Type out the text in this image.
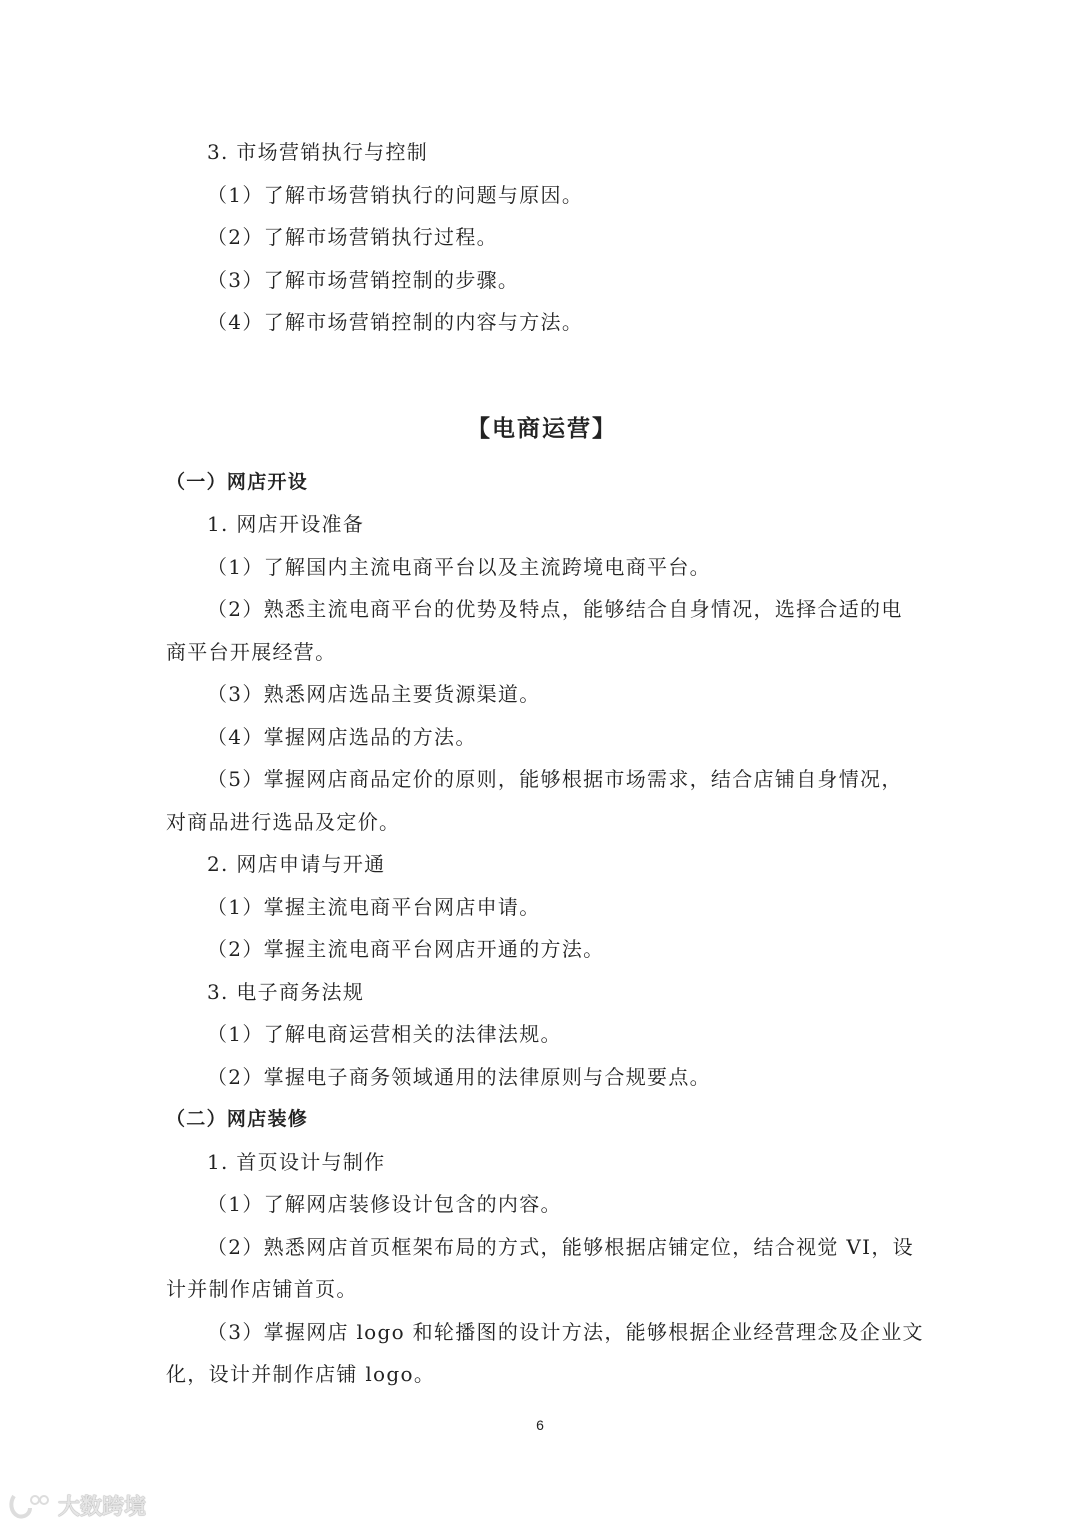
3. 市场营销执行与控制
（1）了解市场营销执行的问题与原因。
（2）了解市场营销执行过程。
（3）了解市场营销控制的步骤。
（4）了解市场营销控制的内容与方法。
【电商运营】
（一）网店开设
1. 网店开设准备
（1）了解国内主流电商平台以及主流跨境电商平台。
（2）熟悉主流电商平台的优势及特点，能够结合自身情况，选择合适的电
商平台开展经营。
（3）熟悉网店选品主要货源渠道。
（4）掌握网店选品的方法。
（5）掌握网店商品定价的原则，能够根据市场需求，结合店铺自身情况，
对商品进行选品及定价。
2. 网店申请与开通
（1）掌握主流电商平台网店申请。
（2）掌握主流电商平台网店开通的方法。
3. 电子商务法规
（1）了解电商运营相关的法律法规。
（2）掌握电子商务领域通用的法律原则与合规要点。
（二）网店装修
1. 首页设计与制作
（1）了解网店装修设计包含的内容。
（2）熟悉网店首页框架布局的方式，能够根据店铺定位，结合视觉 VI，设
计并制作店铺首页。
（3）掌握网店 logo 和轮播图的设计方法，能够根据企业经营理念及企业文
化，设计并制作店铺 logo。
6
大数跨境
